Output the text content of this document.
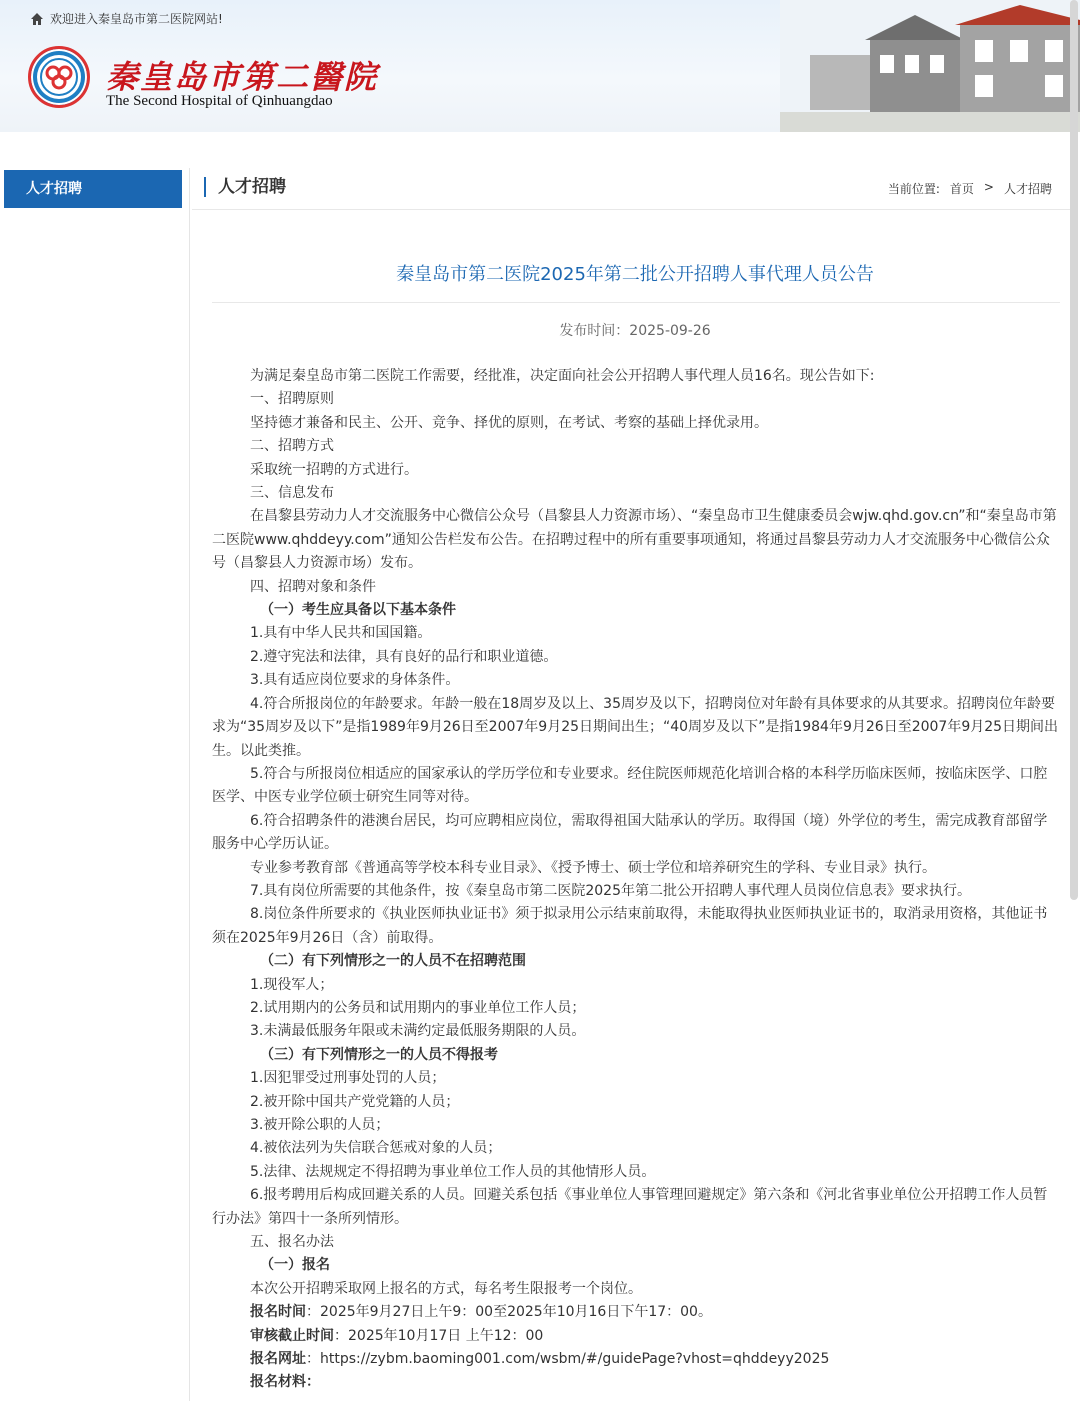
欢迎进入秦皇岛市第二医院网站!
秦皇岛市第二醫院
The Second Hospital of Qinhuangdao
人才招聘	人才招聘	当前位置: 首页 > 人才招聘
秦皇岛市第二医院2025年第二批公开招聘人事代理人员公告
发布时间：2025-09-26

为满足秦皇岛市第二医院工作需要，经批准，决定面向社会公开招聘人事代理人员16名。现公告如下:

一、招聘原则

坚持德才兼备和民主、公开、竞争、择优的原则，在考试、考察的基础上择优录用。

二、招聘方式

采取统一招聘的方式进行。

三、信息发布

在昌黎县劳动力人才交流服务中心微信公众号（昌黎县人力资源市场）、“秦皇岛市卫生健康委员会wjw.qhd.gov.cn”和“秦皇岛市第二医院www.qhddeyy.com”通知公告栏发布公告。在招聘过程中的所有重要事项通知，将通过昌黎县劳动力人才交流服务中心微信公众号（昌黎县人力资源市场）发布。

四、招聘对象和条件

（一）考生应具备以下基本条件

1.具有中华人民共和国国籍。

2.遵守宪法和法律，具有良好的品行和职业道德。

3.具有适应岗位要求的身体条件。

4.符合所报岗位的年龄要求。年龄一般在18周岁及以上、35周岁及以下，招聘岗位对年龄有具体要求的从其要求。招聘岗位年龄要求为“35周岁及以下”是指1989年9月26日至2007年9月25日期间出生；“40周岁及以下”是指1984年9月26日至2007年9月25日期间出生。以此类推。

5.符合与所报岗位相适应的国家承认的学历学位和专业要求。经住院医师规范化培训合格的本科学历临床医师，按临床医学、口腔医学、中医专业学位硕士研究生同等对待。

6.符合招聘条件的港澳台居民，均可应聘相应岗位，需取得祖国大陆承认的学历。取得国（境）外学位的考生，需完成教育部留学服务中心学历认证。

专业参考教育部《普通高等学校本科专业目录》、《授予博士、硕士学位和培养研究生的学科、专业目录》执行。

7.具有岗位所需要的其他条件，按《秦皇岛市第二医院2025年第二批公开招聘人事代理人员岗位信息表》要求执行。

8.岗位条件所要求的《执业医师执业证书》须于拟录用公示结束前取得，未能取得执业医师执业证书的，取消录用资格，其他证书须在2025年9月26日（含）前取得。

（二）有下列情形之一的人员不在招聘范围

1.现役军人；

2.试用期内的公务员和试用期内的事业单位工作人员；

3.未满最低服务年限或未满约定最低服务期限的人员。

（三）有下列情形之一的人员不得报考

1.因犯罪受过刑事处罚的人员；

2.被开除中国共产党党籍的人员；

3.被开除公职的人员；

4.被依法列为失信联合惩戒对象的人员；

5.法律、法规规定不得招聘为事业单位工作人员的其他情形人员。

6.报考聘用后构成回避关系的人员。回避关系包括《事业单位人事管理回避规定》第六条和《河北省事业单位公开招聘工作人员暂行办法》第四十一条所列情形。

五、报名办法

（一）报名

本次公开招聘采取网上报名的方式，每名考生限报考一个岗位。

报名时间：2025年9月27日上午9：00至2025年10月16日下午17：00。

审核截止时间：2025年10月17日 上午12：00

报名网址：https://zybm.baoming001.com/wsbm/#/guidePage?vhost=qhddeyy2025

报名材料：
